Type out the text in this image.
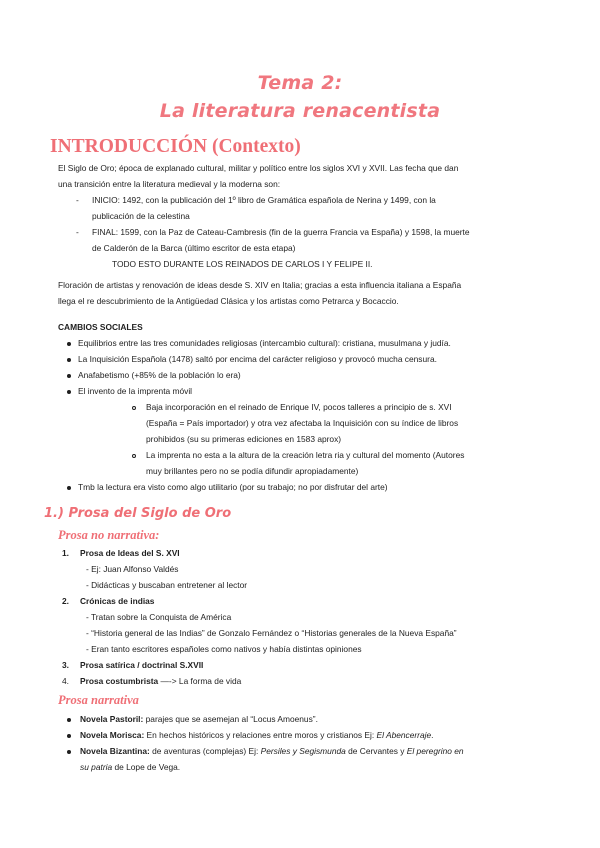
Tema 2:
La literatura renacentista
INTRODUCCIÓN (Contexto)

El Siglo de Oro; época de explanado cultural, militar y político entre los siglos XVI y XVII. Las fecha que dan

una transición entre la literatura medieval y la moderna son:

- INICIO: 1492, con la publicación del 1º libro de Gramática española de Nerina y 1499, con la

publicación de la celestina

- FINAL: 1599, con la Paz de Cateau-Cambresis (fin de la guerra Francia va España) y 1598, la muerte

de Calderón de la Barca (último escritor de esta etapa)

TODO ESTO DURANTE LOS REINADOS DE CARLOS I Y FELIPE II.

Floración de artistas y renovación de ideas desde S. XIV en Italia; gracias a esta influencia italiana a España

llega el re descubrimiento de la Antigüedad Clásica y los artistas como Petrarca y Bocaccio.

CAMBIOS SOCIALES

Equilibrios entre las tres comunidades religiosas (intercambio cultural): cristiana, musulmana y judía.

La Inquisición Española (1478) saltó por encima del carácter religioso y provocó mucha censura.

Anafabetismo (+85% de la población lo era)

El invento de la imprenta móvil

Baja incorporación en el reinado de Enrique IV, pocos talleres a principio de s. XVI

(España = País importador) y otra vez afectaba la Inquisición con su índice de libros

prohibidos (su su primeras ediciones en 1583 aprox)

La imprenta no esta a la altura de la creación letra ria y cultural del momento (Autores

muy brillantes pero no se podía difundir apropiadamente)

Tmb la lectura era visto como algo utilitario (por su trabajo; no por disfrutar del arte)

1.) Prosa del Siglo de Oro
Prosa no narrativa:

1. Prosa de Ideas del S. XVI

- Ej: Juan Alfonso Valdés

- Didácticas y buscaban entretener al lector

2. Crónicas de indias

- Tratan sobre la Conquista de América

- “Historia general de las Indias” de Gonzalo Fernández o “Historias generales de la Nueva España”

- Eran tanto escritores españoles como nativos y había distintas opiniones

3. Prosa satírica / doctrinal S.XVII

4. Prosa costumbrista —-> La forma de vida

Prosa narrativa

Novela Pastoril: parajes que se asemejan al “Locus Amoenus”.

Novela Morisca: En hechos históricos y relaciones entre moros y cristianos Ej: El Abencerraje.

Novela Bizantina: de aventuras (complejas) Ej: Persiles y Segismunda de Cervantes y El peregrino en

su patria de Lope de Vega.
